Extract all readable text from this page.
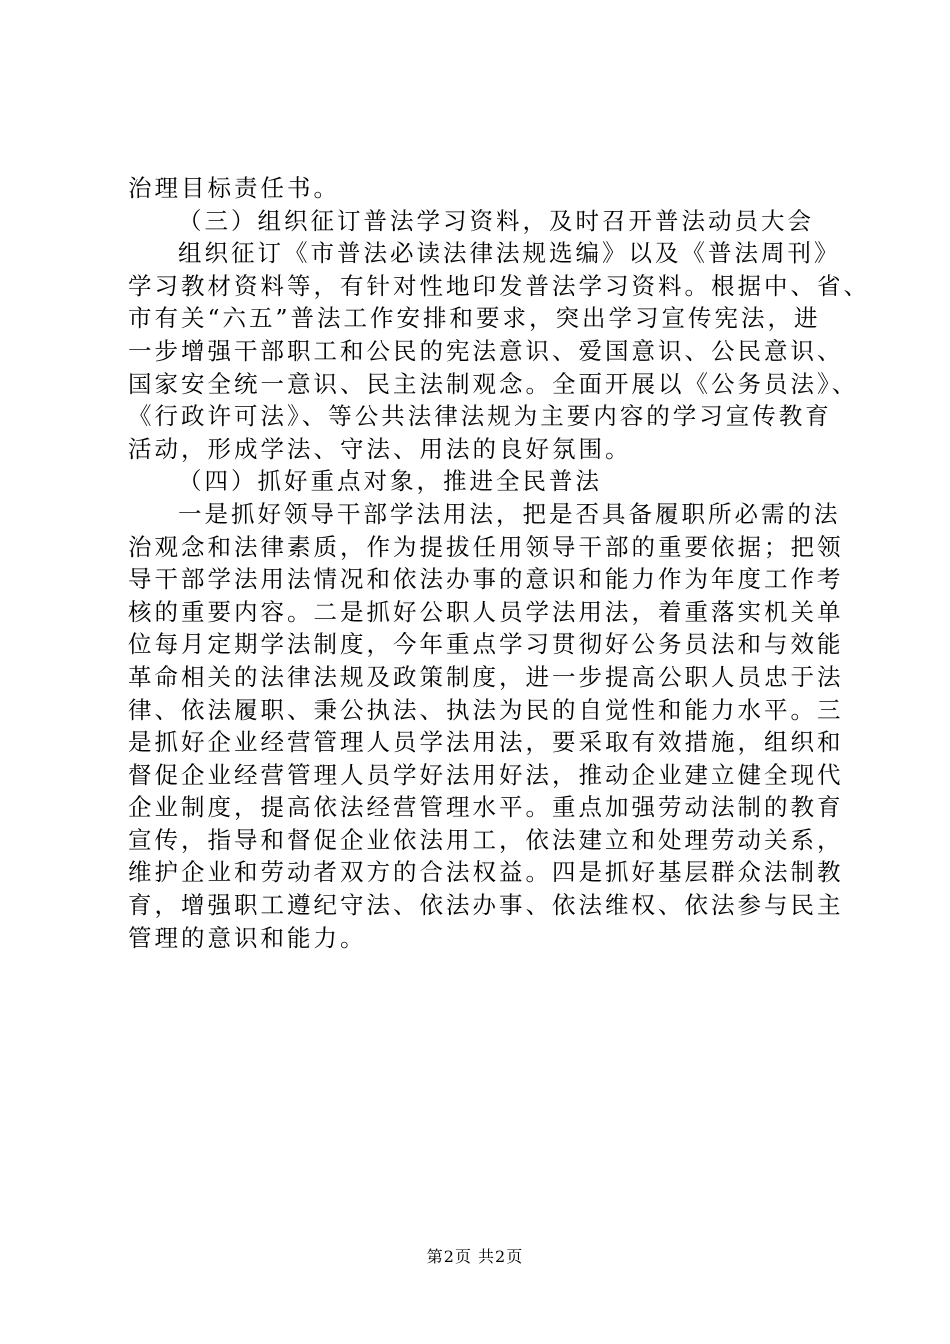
治理目标责任书。
（三）组织征订普法学习资料，及时召开普法动员大会
组织征订《市普法必读法律法规选编》以及《普法周刊》
学习教材资料等，有针对性地印发普法学习资料。根据中、省、
市有关“六五”普法工作安排和要求，突出学习宣传宪法，进
一步增强干部职工和公民的宪法意识、爱国意识、公民意识、
国家安全统一意识、民主法制观念。全面开展以《公务员法》、
《行政许可法》、等公共法律法规为主要内容的学习宣传教育
活动，形成学法、守法、用法的良好氛围。
（四）抓好重点对象，推进全民普法
一是抓好领导干部学法用法，把是否具备履职所必需的法
治观念和法律素质，作为提拔任用领导干部的重要依据；把领
导干部学法用法情况和依法办事的意识和能力作为年度工作考
核的重要内容。二是抓好公职人员学法用法，着重落实机关单
位每月定期学法制度，今年重点学习贯彻好公务员法和与效能
革命相关的法律法规及政策制度，进一步提高公职人员忠于法
律、依法履职、秉公执法、执法为民的自觉性和能力水平。三
是抓好企业经营管理人员学法用法，要采取有效措施，组织和
督促企业经营管理人员学好法用好法，推动企业建立健全现代
企业制度，提高依法经营管理水平。重点加强劳动法制的教育
宣传，指导和督促企业依法用工，依法建立和处理劳动关系，
维护企业和劳动者双方的合法权益。四是抓好基层群众法制教
育，增强职工遵纪守法、依法办事、依法维权、依法参与民主
管理的意识和能力。
第2页 共2页
